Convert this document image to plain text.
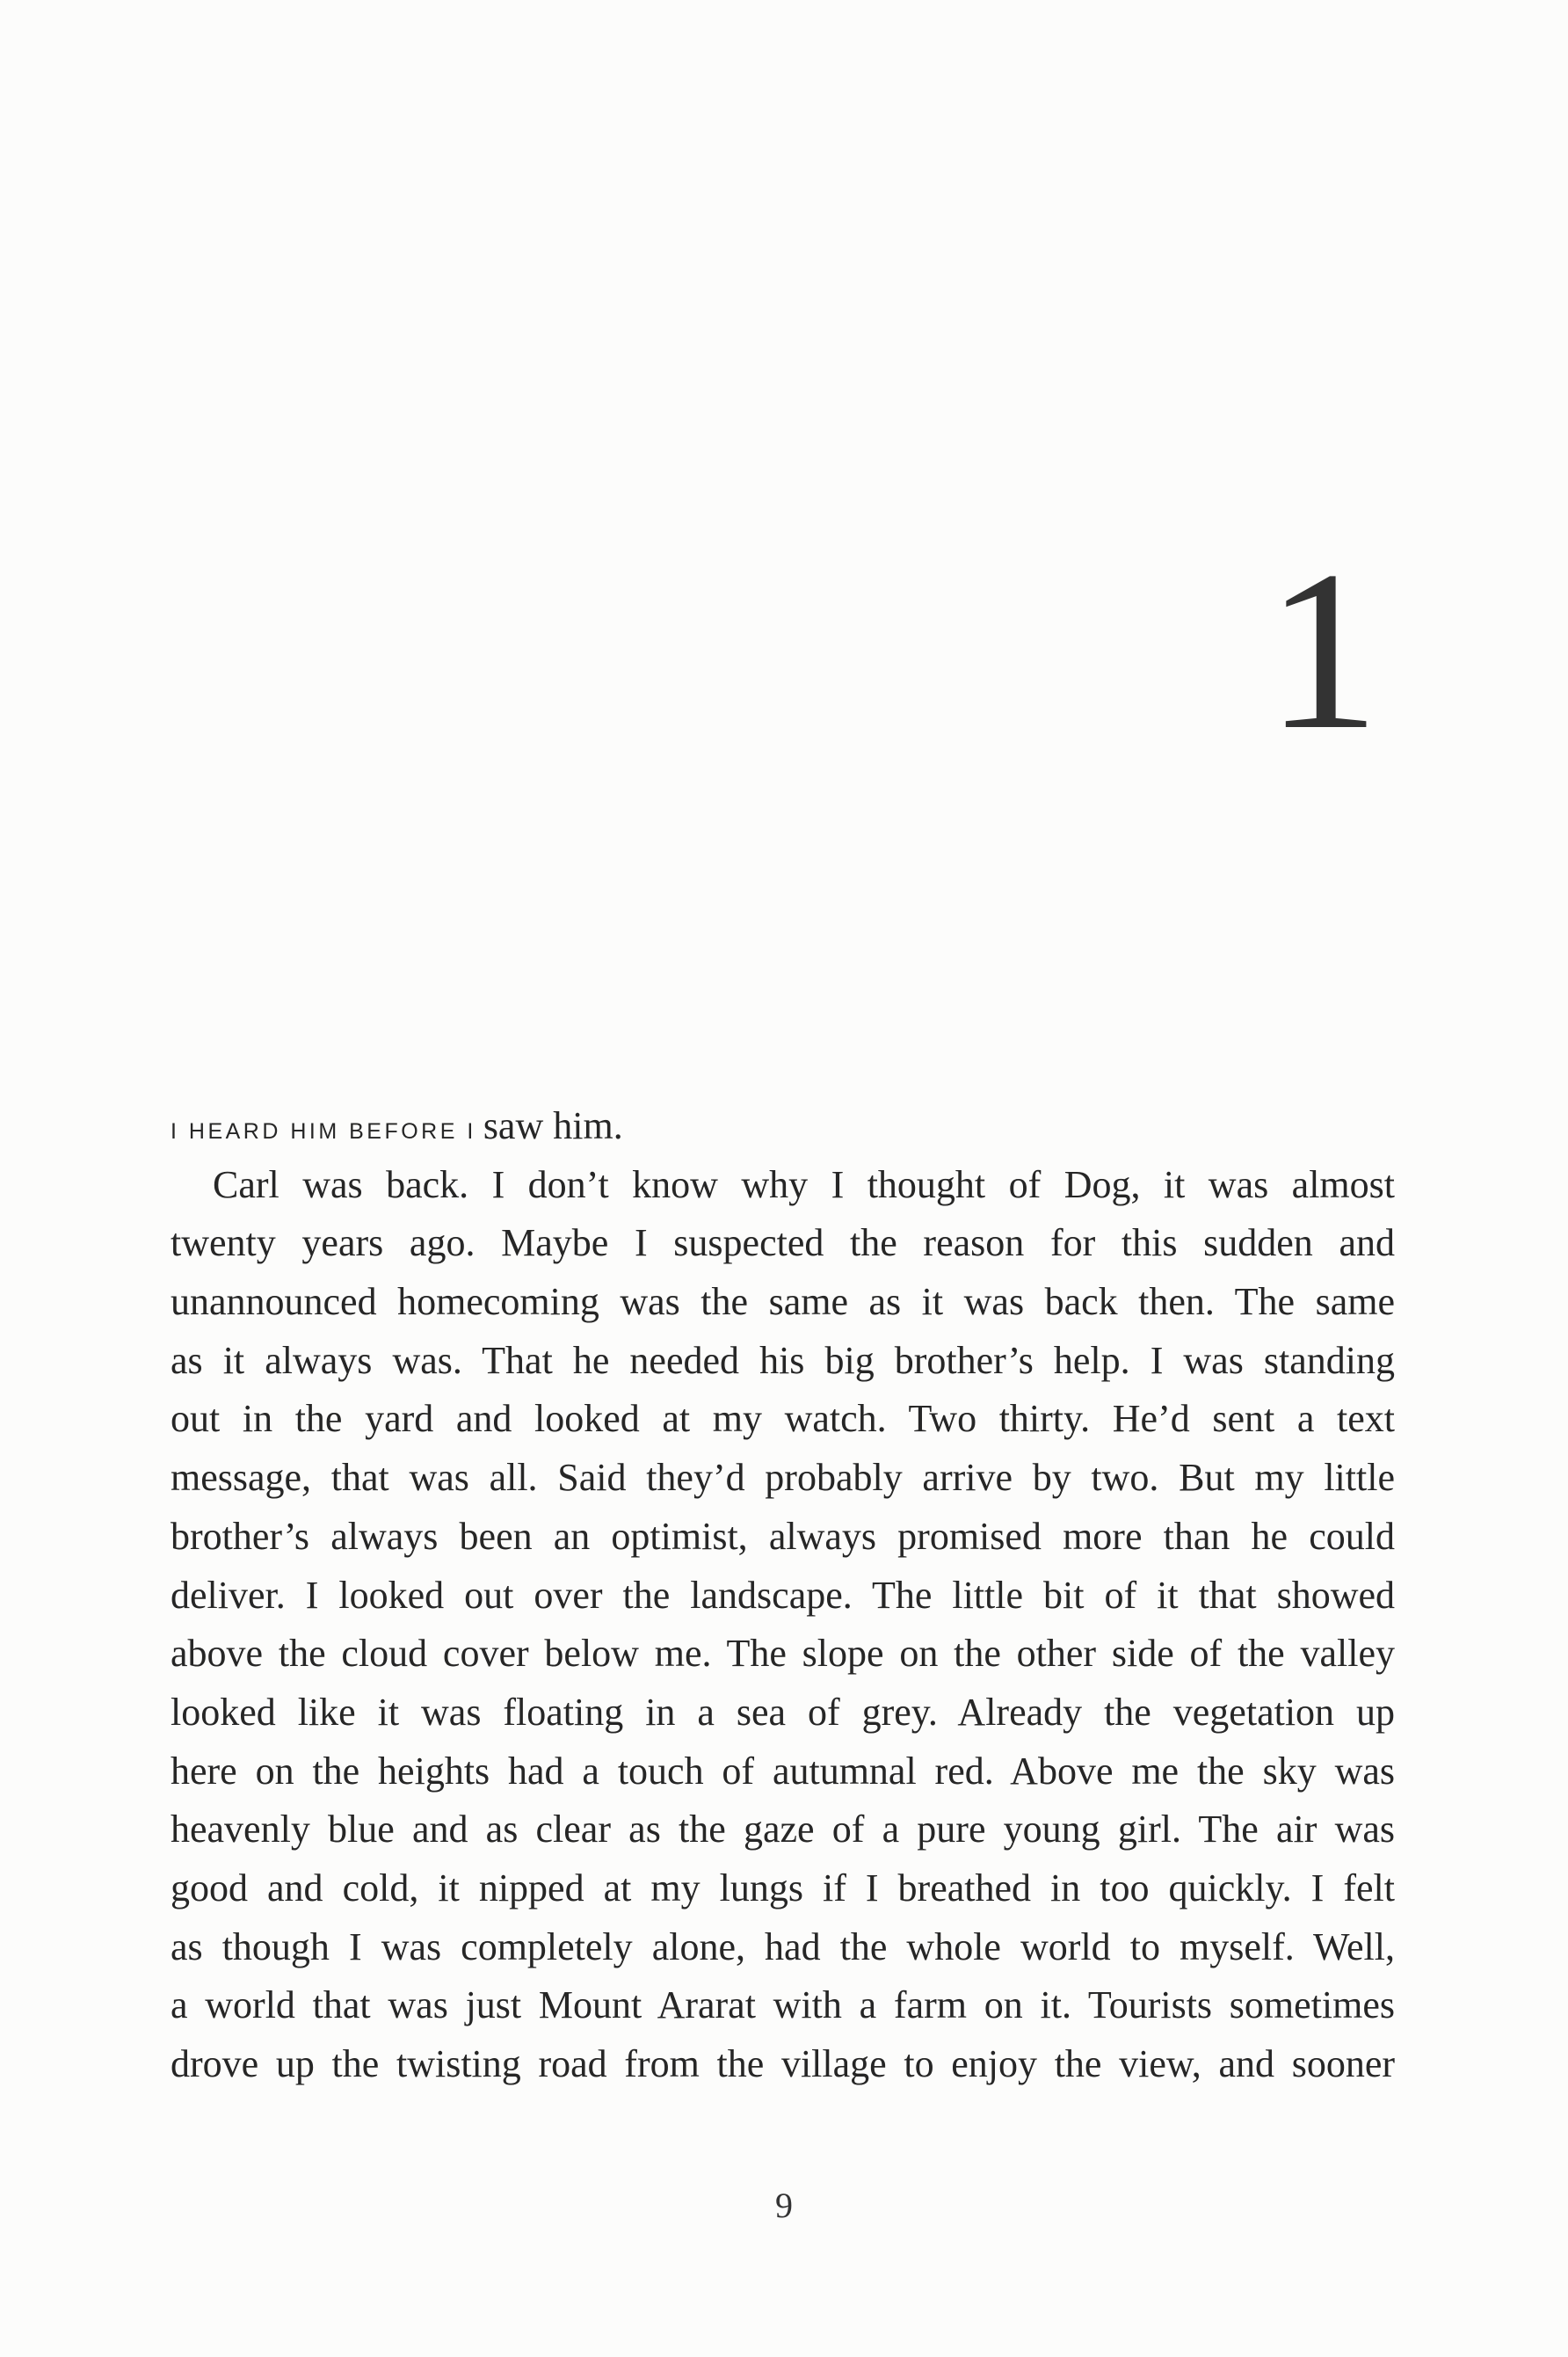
1
I HEARD HIM BEFORE I saw him.
Carl was back. I don’t know why I thought of Dog, it was almost
twenty years ago. Maybe I suspected the reason for this sudden and
unannounced homecoming was the same as it was back then. The same
as it always was. That he needed his big brother’s help. I was standing
out in the yard and looked at my watch. Two thirty. He’d sent a text
message, that was all. Said they’d probably arrive by two. But my little
brother’s always been an optimist, always promised more than he could
deliver. I looked out over the landscape. The little bit of it that showed
above the cloud cover below me. The slope on the other side of the valley
looked like it was floating in a sea of grey. Already the vegetation up
here on the heights had a touch of autumnal red. Above me the sky was
heavenly blue and as clear as the gaze of a pure young girl. The air was
good and cold, it nipped at my lungs if I breathed in too quickly. I felt
as though I was completely alone, had the whole world to myself. Well,
a world that was just Mount Ararat with a farm on it. Tourists sometimes
drove up the twisting road from the village to enjoy the view, and sooner
9
